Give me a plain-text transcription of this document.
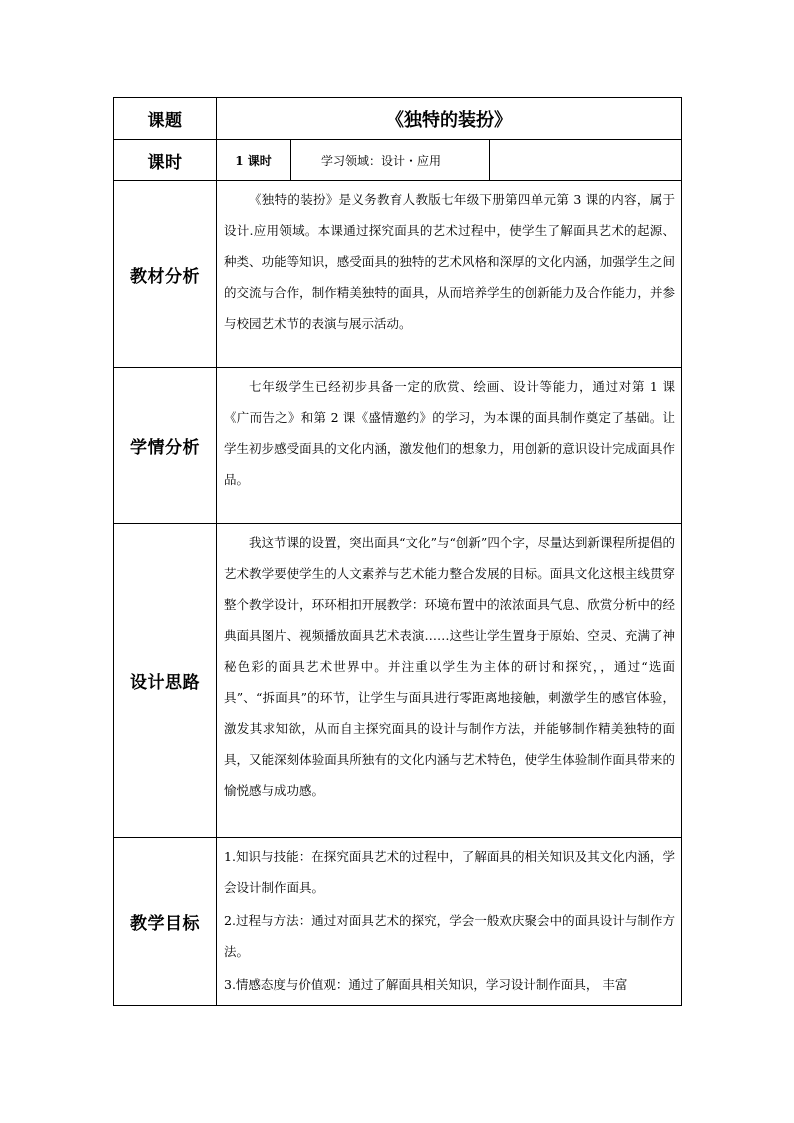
课题	《独特的装扮》
课时	1 课时 学习领域：设计・应用

教材分析	《独特的装扮》是义务教育人教版七年级下册第四单元第 3 课的内容，属于设计.应用领域。本课通过探究面具的艺术过程中，使学生了解面具艺术的起源、种类、功能等知识，感受面具的独特的艺术风格和深厚的文化内涵，加强学生之间的交流与合作，制作精美独特的面具，从而培养学生的创新能力及合作能力，并参与校园艺术节的表演与展示活动。

学情分析	七年级学生已经初步具备一定的欣赏、绘画、设计等能力，通过对第 1 课《广而告之》和第 2 课《盛情邀约》的学习，为本课的面具制作奠定了基础。让学生初步感受面具的文化内涵，激发他们的想象力，用创新的意识设计完成面具作品。

设计思路	我这节课的设置，突出面具“文化”与“创新”四个字，尽量达到新课程所提倡的艺术教学要使学生的人文素养与艺术能力整合发展的目标。面具文化这根主线贯穿整个教学设计，环环相扣开展教学：环境布置中的浓浓面具气息、欣赏分析中的经典面具图片、视频播放面具艺术表演……这些让学生置身于原始、空灵、充满了神秘色彩的面具艺术世界中。并注重以学生为主体的研讨和探究，，通过“选面具”、“拆面具”的环节，让学生与面具进行零距离地接触，刺激学生的感官体验，激发其求知欲，从而自主探究面具的设计与制作方法，并能够制作精美独特的面具，又能深刻体验面具所独有的文化内涵与艺术特色，使学生体验制作面具带来的愉悦感与成功感。

教学目标	1.知识与技能：在探究面具艺术的过程中，了解面具的相关知识及其文化内涵，学会设计制作面具。

2.过程与方法：通过对面具艺术的探究，学会一般欢庆聚会中的面具设计与制作方法。

3.情感态度与价值观：通过了解面具相关知识，学习设计制作面具， 丰富
